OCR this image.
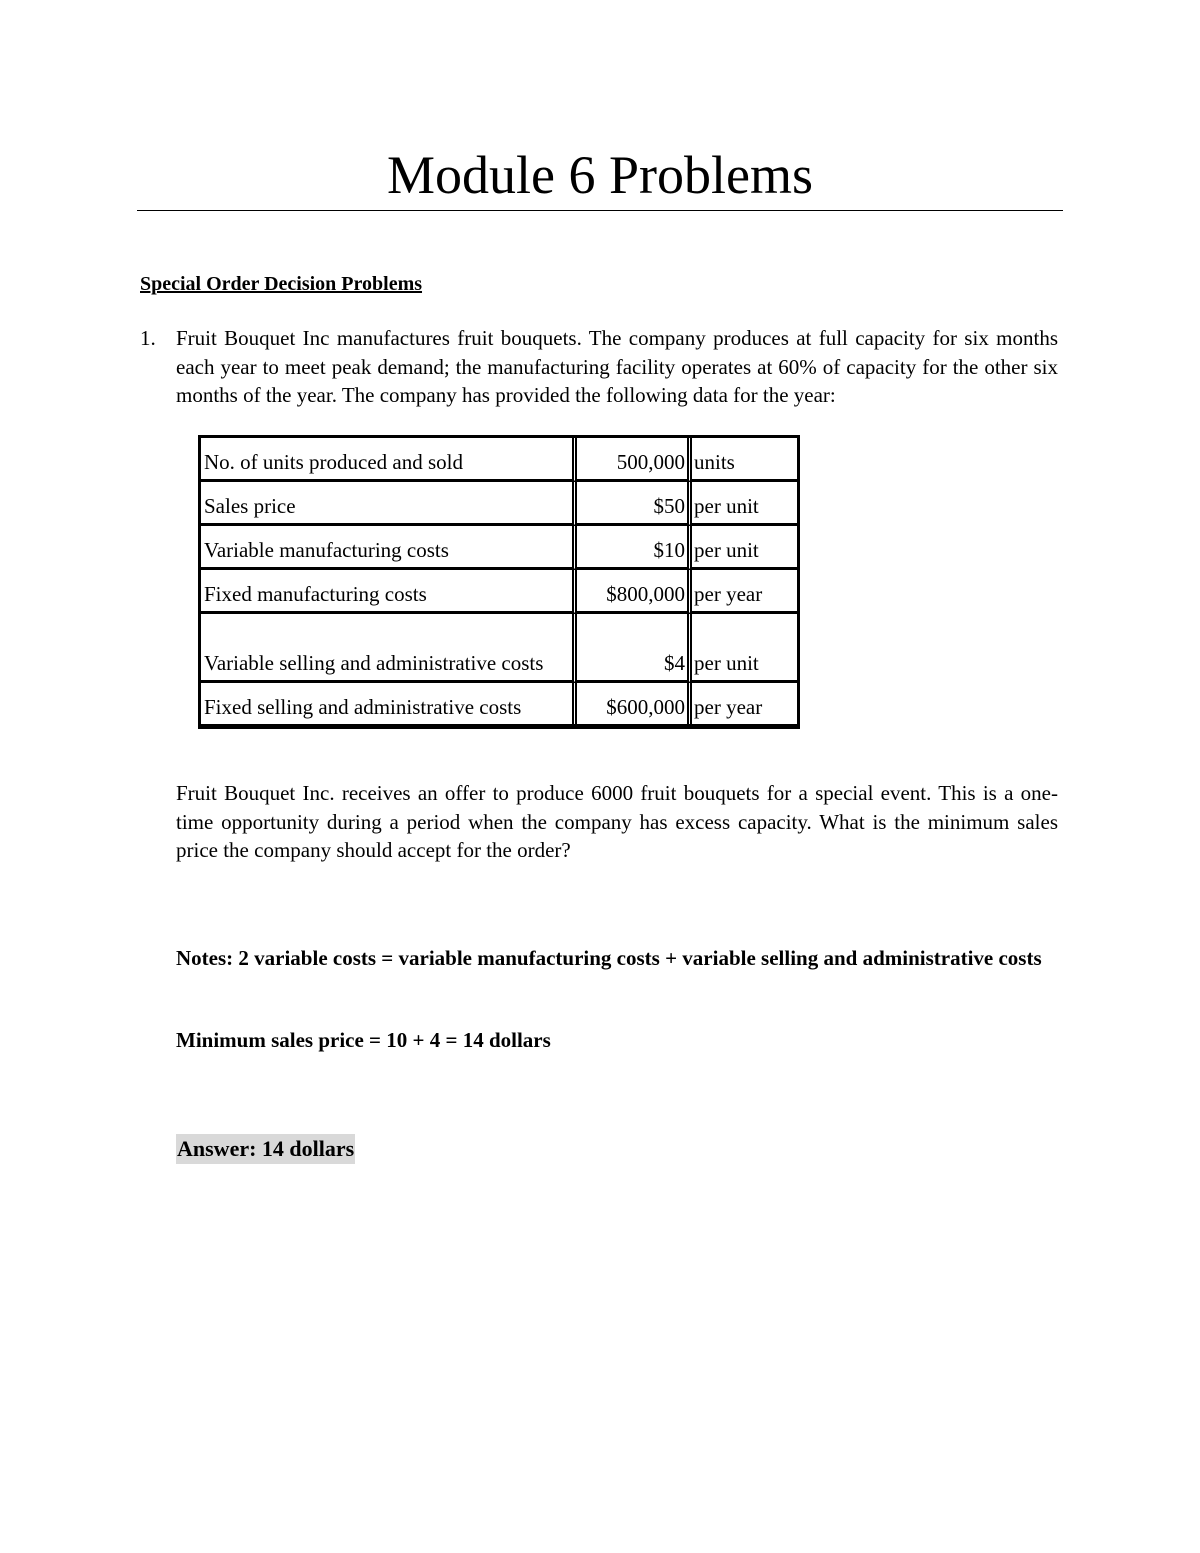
Module 6 Problems
Special Order Decision Problems
1. Fruit Bouquet Inc manufactures fruit bouquets. The company produces at full capacity for six months each year to meet peak demand; the manufacturing facility operates at 60% of capacity for the other six months of the year. The company has provided the following data for the year:

No. of units produced and sold	500,000	units
Sales price	$50	per unit
Variable manufacturing costs	$10	per unit
Fixed manufacturing costs	$800,000	per year
Variable selling and administrative costs	$4	per unit
Fixed selling and administrative costs	$600,000	per year

Fruit Bouquet Inc. receives an offer to produce 6000 fruit bouquets for a special event. This is a one-time opportunity during a period when the company has excess capacity. What is the minimum sales price the company should accept for the order?

Notes: 2 variable costs = variable manufacturing costs + variable selling and administrative costs

Minimum sales price = 10 + 4 = 14 dollars

Answer: 14 dollars
